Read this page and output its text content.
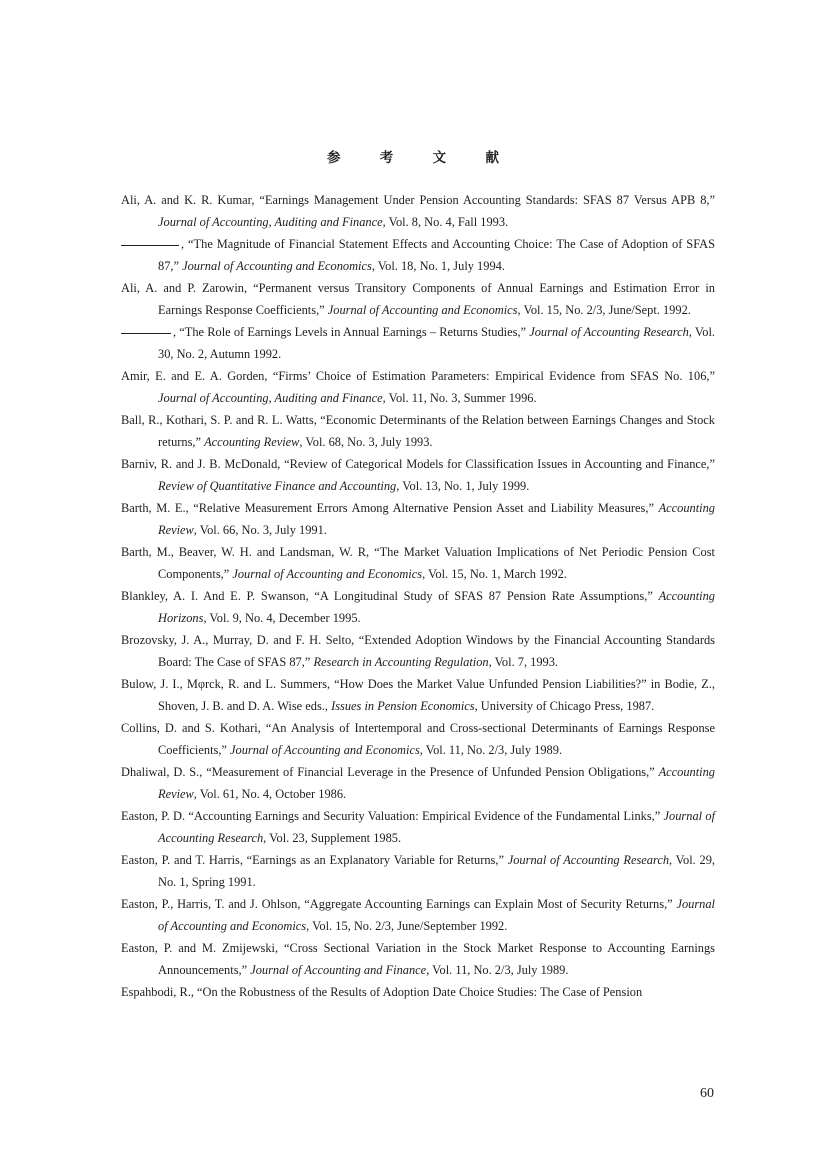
参 考 文 献

Ali, A. and K. R. Kumar, “Earnings Management Under Pension Accounting Standards: SFAS 87 Versus APB 8,” Journal of Accounting, Auditing and Finance, Vol. 8, No. 4, Fall 1993.

, “The Magnitude of Financial Statement Effects and Accounting Choice: The Case of Adoption of SFAS 87,” Journal of Accounting and Economics, Vol. 18, No. 1, July 1994.

Ali, A. and P. Zarowin, “Permanent versus Transitory Components of Annual Earnings and Estimation Error in Earnings Response Coefficients,” Journal of Accounting and Economics, Vol. 15, No. 2/3, June/Sept. 1992.

, “The Role of Earnings Levels in Annual Earnings – Returns Studies,” Journal of Accounting Research, Vol. 30, No. 2, Autumn 1992.

Amir, E. and E. A. Gorden, “Firms’ Choice of Estimation Parameters: Empirical Evidence from SFAS No. 106,” Journal of Accounting, Auditing and Finance, Vol. 11, No. 3, Summer 1996.

Ball, R., Kothari, S. P. and R. L. Watts, “Economic Determinants of the Relation between Earnings Changes and Stock returns,” Accounting Review, Vol. 68, No. 3, July 1993.

Barniv, R. and J. B. McDonald, “Review of Categorical Models for Classification Issues in Accounting and Finance,” Review of Quantitative Finance and Accounting, Vol. 13, No. 1, July 1999.

Barth, M. E., “Relative Measurement Errors Among Alternative Pension Asset and Liability Measures,” Accounting Review, Vol. 66, No. 3, July 1991.

Barth, M., Beaver, W. H. and Landsman, W. R, “The Market Valuation Implications of Net Periodic Pension Cost Components,” Journal of Accounting and Economics, Vol. 15, No. 1, March 1992.

Blankley, A. I. And E. P. Swanson, “A Longitudinal Study of SFAS 87 Pension Rate Assumptions,” Accounting Horizons, Vol. 9, No. 4, December 1995.

Brozovsky, J. A., Murray, D. and F. H. Selto, “Extended Adoption Windows by the Financial Accounting Standards Board: The Case of SFAS 87,” Research in Accounting Regulation, Vol. 7, 1993.

Bulow, J. I., Mφrck, R. and L. Summers, “How Does the Market Value Unfunded Pension Liabilities?” in Bodie, Z., Shoven, J. B. and D. A. Wise eds., Issues in Pension Economics, University of Chicago Press, 1987.

Collins, D. and S. Kothari, “An Analysis of Intertemporal and Cross-sectional Determinants of Earnings Response Coefficients,” Journal of Accounting and Economics, Vol. 11, No. 2/3, July 1989.

Dhaliwal, D. S., “Measurement of Financial Leverage in the Presence of Unfunded Pension Obligations,” Accounting Review, Vol. 61, No. 4, October 1986.

Easton, P. D. “Accounting Earnings and Security Valuation: Empirical Evidence of the Fundamental Links,” Journal of Accounting Research, Vol. 23, Supplement 1985.

Easton, P. and T. Harris, “Earnings as an Explanatory Variable for Returns,” Journal of Accounting Research, Vol. 29, No. 1, Spring 1991.

Easton, P., Harris, T. and J. Ohlson, “Aggregate Accounting Earnings can Explain Most of Security Returns,” Journal of Accounting and Economics, Vol. 15, No. 2/3, June/September 1992.

Easton, P. and M. Zmijewski, “Cross Sectional Variation in the Stock Market Response to Accounting Earnings Announcements,” Journal of Accounting and Finance, Vol. 11, No. 2/3, July 1989.

Espahbodi, R., “On the Robustness of the Results of Adoption Date Choice Studies: The Case of Pension

60
